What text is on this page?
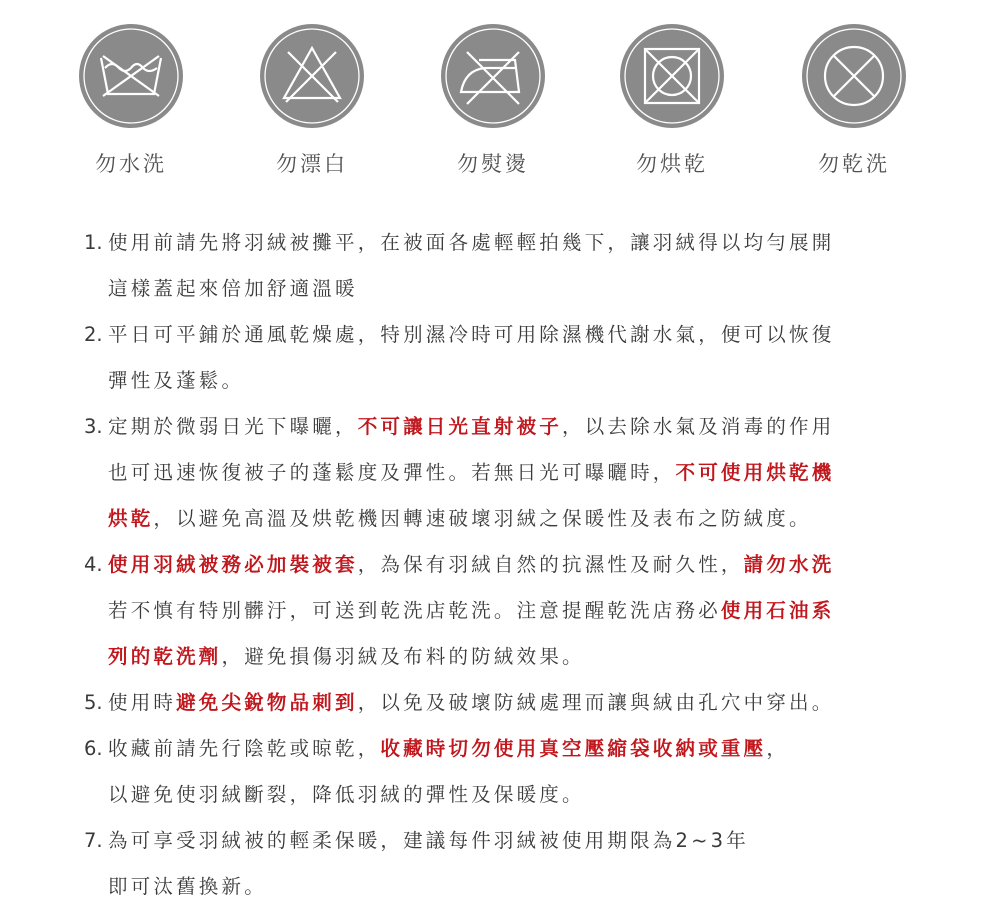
勿水洗	勿漂白	勿熨燙	勿烘乾	勿乾洗
1. 使用前請先將羽絨被攤平，在被面各處輕輕拍幾下，讓羽絨得以均勻展開
這樣蓋起來倍加舒適溫暖
2. 平日可平鋪於通風乾燥處，特別濕冷時可用除濕機代謝水氣，便可以恢復
彈性及蓬鬆。
3. 定期於微弱日光下曝曬，不可讓日光直射被子，以去除水氣及消毒的作用
也可迅速恢復被子的蓬鬆度及彈性。若無日光可曝曬時，不可使用烘乾機
烘乾，以避免高溫及烘乾機因轉速破壞羽絨之保暖性及表布之防絨度。
4. 使用羽絨被務必加裝被套，為保有羽絨自然的抗濕性及耐久性，請勿水洗
若不慎有特別髒汙，可送到乾洗店乾洗。注意提醒乾洗店務必使用石油系
列的乾洗劑，避免損傷羽絨及布料的防絨效果。
5. 使用時避免尖銳物品刺到，以免及破壞防絨處理而讓與絨由孔穴中穿出。
6. 收藏前請先行陰乾或晾乾，收藏時切勿使用真空壓縮袋收納或重壓，
以避免使羽絨斷裂，降低羽絨的彈性及保暖度。
7. 為可享受羽絨被的輕柔保暖，建議每件羽絨被使用期限為2~3年
即可汰舊換新。
